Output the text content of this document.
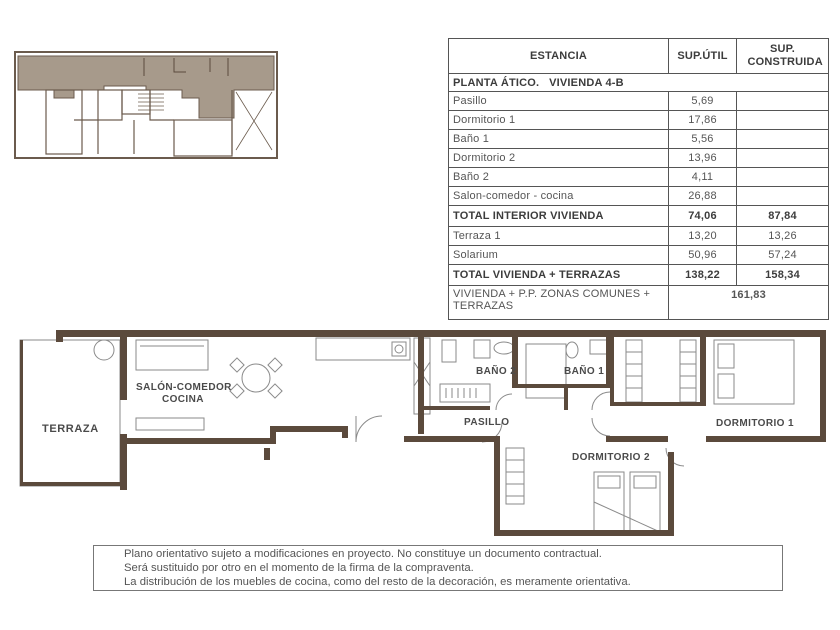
ESTANCIA	SUP.ÚTIL	SUP. CONSTRUIDA
PLANTA ÁTICO.   VIVIENDA 4-B		
Pasillo	5,69	
Dormitorio 1	17,86	
Baño 1	5,56	
Dormitorio 2	13,96	
Baño 2	4,11	
Salon-comedor - cocina	26,88	
TOTAL INTERIOR VIVIENDA	74,06	87,84
Terraza 1	13,20	13,26
Solarium	50,96	57,24
TOTAL VIVIENDA + TERRAZAS	138,22	158,34
VIVIENDA + P.P. ZONAS COMUNES + TERRAZAS	161,83	
TERRAZA
SALÓN-COMEDOR
COCINA
BAÑO 2	BAÑO 1
PASILLO	DORMITORIO 1
DORMITORIO 2

Plano orientativo sujeto a modificaciones en proyecto. No constituye un documento contractual.

Será sustituido por otro en el momento de la firma de la compraventa.

La distribución de los muebles de cocina, como del resto de la decoración, es meramente orientativa.
